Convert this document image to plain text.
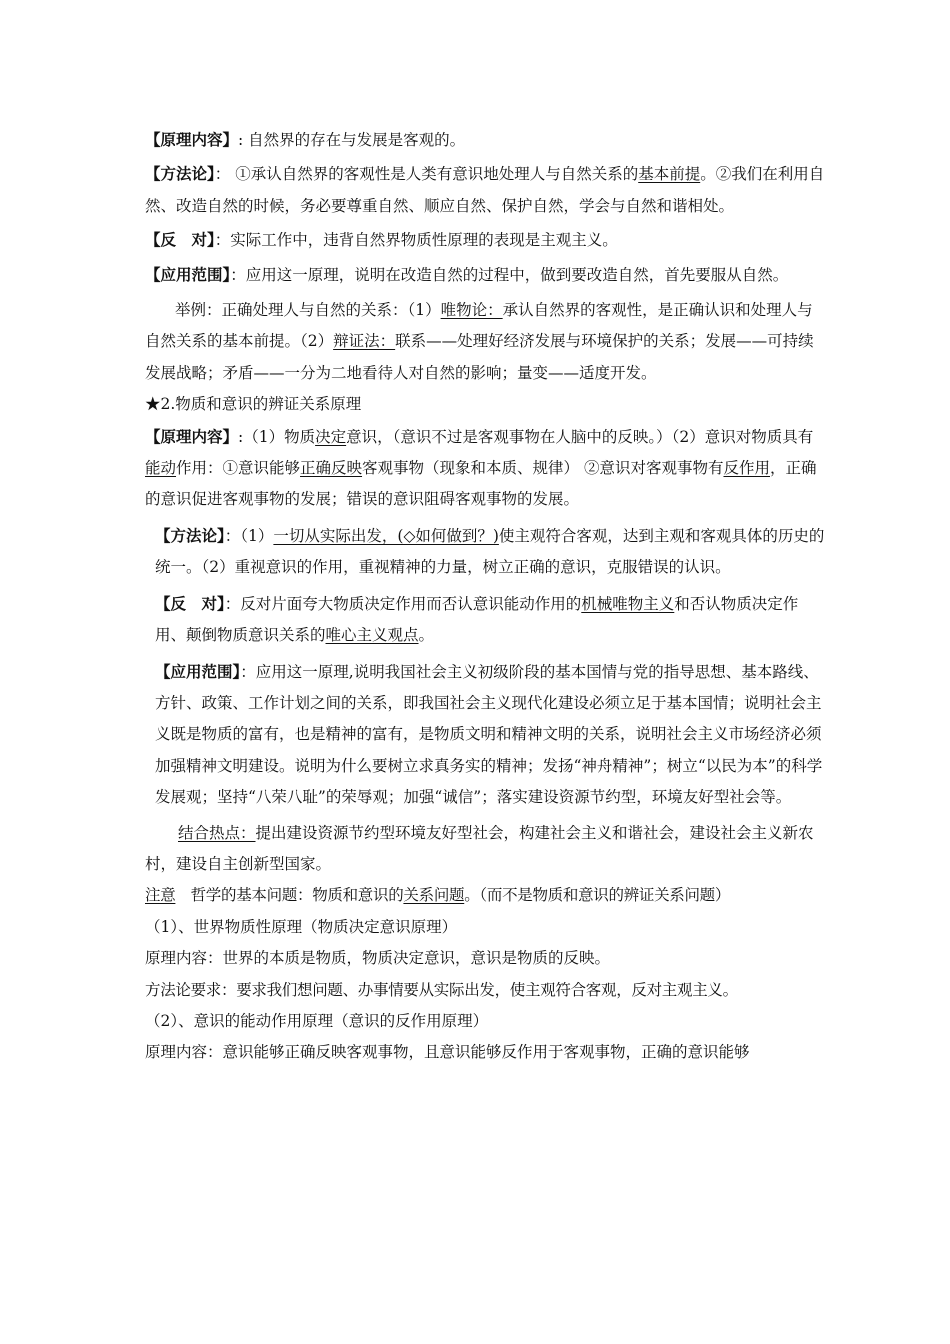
【原理内容】: 自然界的存在与发展是客观的。

【方法论】： ①承认自然界的客观性是人类有意识地处理人与自然关系的基本前提。②我们在利用自然、改造自然的时候，务必要尊重自然、顺应自然、保护自然，学会与自然和谐相处。

【反　对】：实际工作中，违背自然界物质性原理的表现是主观主义。

【应用范围】：应用这一原理，说明在改造自然的过程中，做到要改造自然，首先要服从自然。

举例：正确处理人与自然的关系：（1）唯物论：承认自然界的客观性，是正确认识和处理人与自然关系的基本前提。（2）辩证法：联系——处理好经济发展与环境保护的关系；发展——可持续发展战略；矛盾——一分为二地看待人对自然的影响；量变——适度开发。

★2.物质和意识的辨证关系原理

【原理内容】:（1）物质决定意识，（意识不过是客观事物在人脑中的反映。）（2）意识对物质具有能动作用：①意识能够正确反映客观事物（现象和本质、规律） ②意识对客观事物有反作用，正确的意识促进客观事物的发展；错误的意识阻碍客观事物的发展。

【方法论】：（1）一切从实际出发，(◇如何做到？)使主观符合客观，达到主观和客观具体的历史的统一。（2）重视意识的作用，重视精神的力量，树立正确的意识，克服错误的认识。

【反　对】：反对片面夸大物质决定作用而否认意识能动作用的机械唯物主义和否认物质决定作用、颠倒物质意识关系的唯心主义观点。

【应用范围】：应用这一原理,说明我国社会主义初级阶段的基本国情与党的指导思想、基本路线、方针、政策、工作计划之间的关系，即我国社会主义现代化建设必须立足于基本国情；说明社会主义既是物质的富有，也是精神的富有，是物质文明和精神文明的关系，说明社会主义市场经济必须加强精神文明建设。说明为什么要树立求真务实的精神；发扬“神舟精神”；树立“以民为本”的科学发展观；坚持“八荣八耻”的荣辱观；加强“诚信”；落实建设资源节约型，环境友好型社会等。

结合热点：提出建设资源节约型环境友好型社会，构建社会主义和谐社会，建设社会主义新农村，建设自主创新型国家。

注意　哲学的基本问题：物质和意识的关系问题。（而不是物质和意识的辨证关系问题）

（1）、世界物质性原理（物质决定意识原理）

原理内容：世界的本质是物质，物质决定意识，意识是物质的反映。

方法论要求：要求我们想问题、办事情要从实际出发，使主观符合客观，反对主观主义。

（2）、意识的能动作用原理（意识的反作用原理）

原理内容：意识能够正确反映客观事物，且意识能够反作用于客观事物，正确的意识能够
